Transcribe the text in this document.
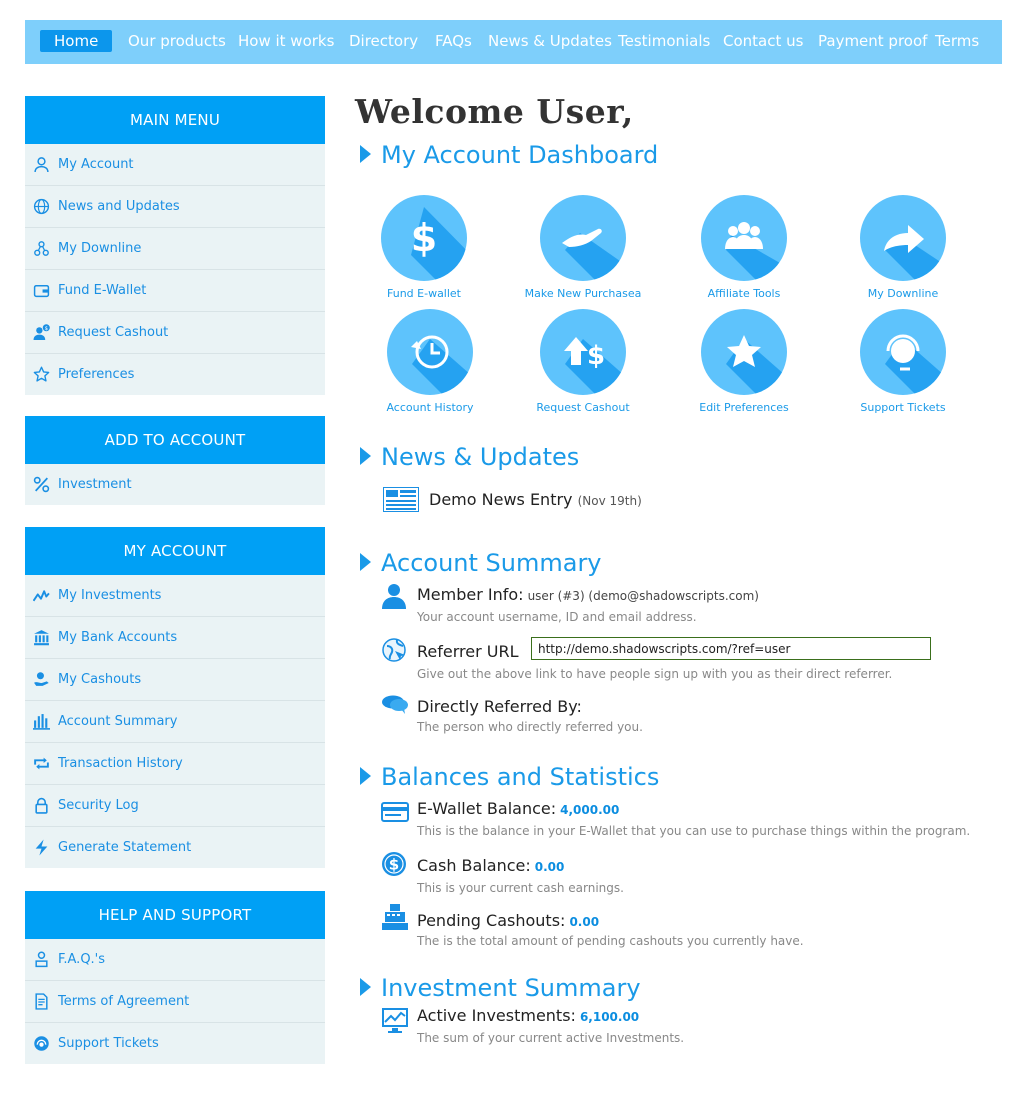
Home	Our products How it works Directory FAQs News & Updates Testimonials Contact us Payment proof Terms
MAIN MENU
My Account
News and Updates
My Downline
Fund E-Wallet
$ Request Cashout
Preferences
ADD TO ACCOUNT
Investment
MY ACCOUNT
My Investments
My Bank Accounts
My Cashouts
Account Summary
Transaction History
Security Log
Generate Statement
HELP AND SUPPORT
F.A.Q.'s
Terms of Agreement
Support Tickets
Welcome User,
My Account Dashboard
$
Fund E-wallet	Make New Purchasea	Affiliate Tools	My Downline
Account History
$
Request Cashout	Edit Preferences	Support Tickets
News & Updates
Demo News Entry (Nov 19th)
Account Summary
Member Info: user (#3) (demo@shadowscripts.com)
Your account username, ID and email address.
Referrer URL
http://demo.shadowscripts.com/?ref=user
Give out the above link to have people sign up with you as their direct referrer.
Directly Referred By:
The person who directly referred you.
Balances and Statistics
E-Wallet Balance: 4,000.00
This is the balance in your E-Wallet that you can use to purchase things within the program.
$ Cash Balance: 0.00
This is your current cash earnings.
Pending Cashouts: 0.00
The is the total amount of pending cashouts you currently have.
Investment Summary
Active Investments: 6,100.00
The sum of your current active Investments.
